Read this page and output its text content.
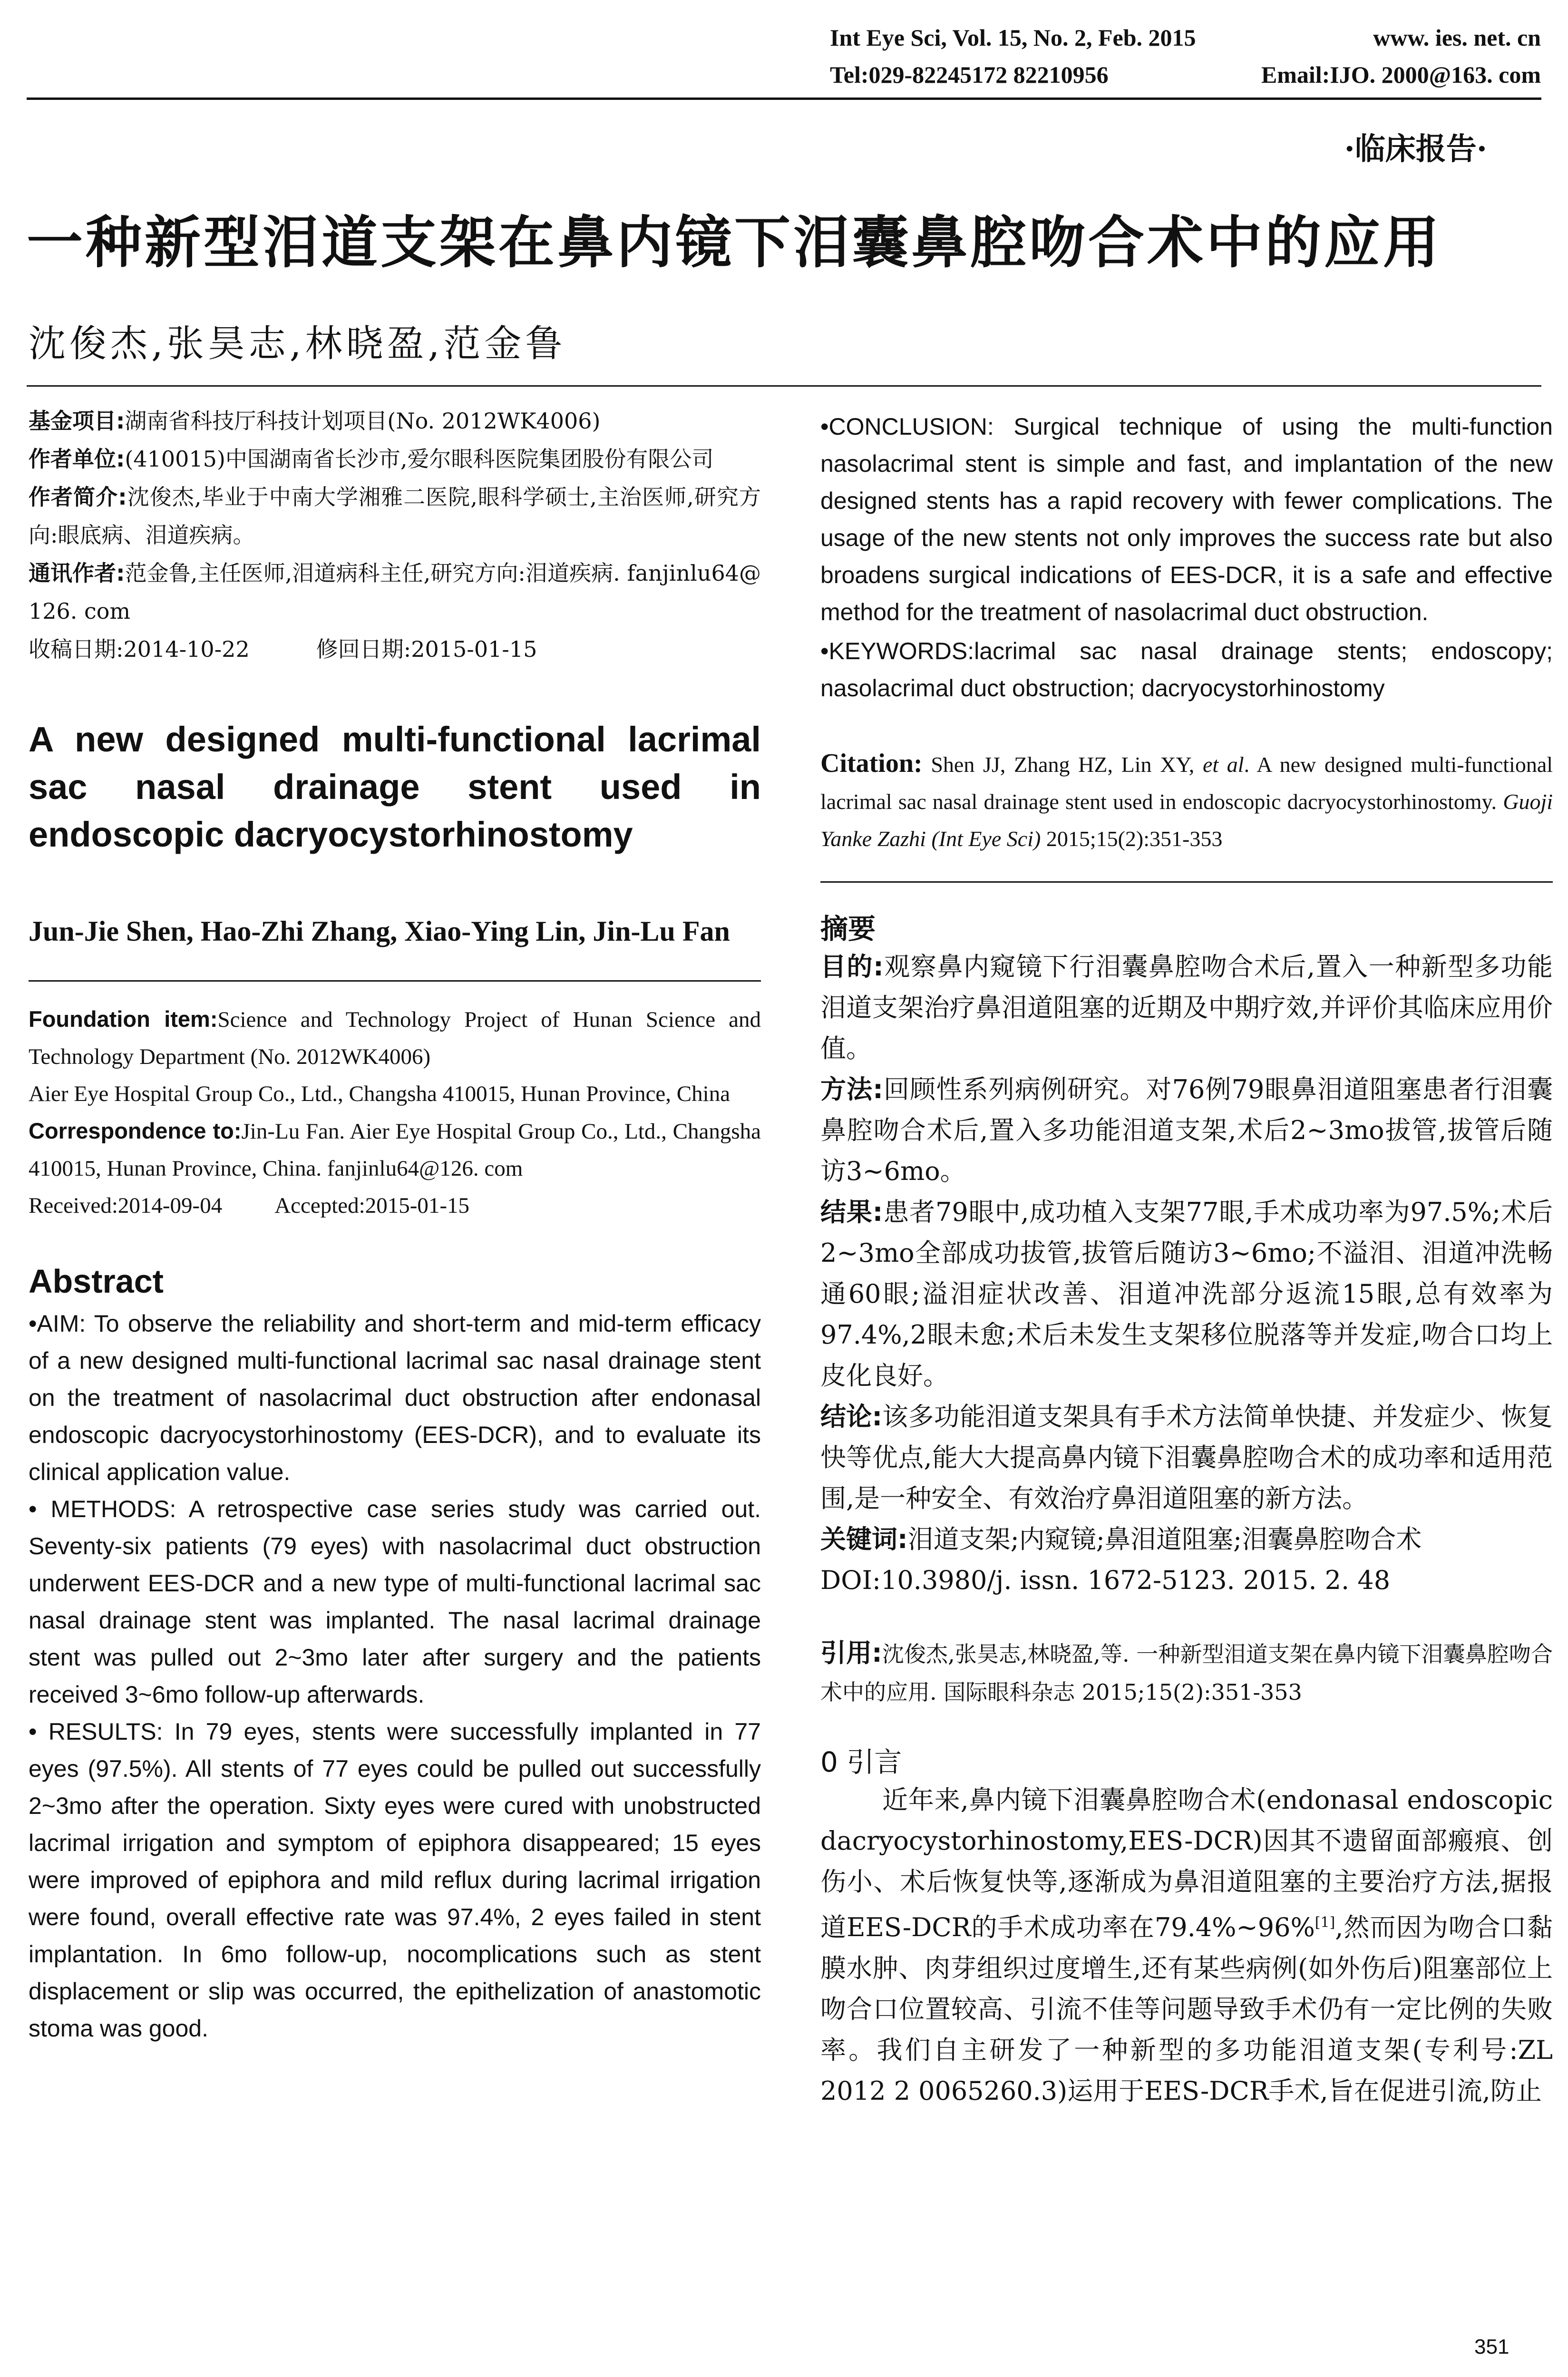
Int Eye Sci, Vol. 15, No. 2, Feb. 2015	www. ies. net. cn
Tel:029-82245172 82210956	Email:IJO. 2000@163. com
·临床报告·
一种新型泪道支架在鼻内镜下泪囊鼻腔吻合术中的应用
沈俊杰,张昊志,林晓盈,范金鲁
基金项目:湖南省科技厅科技计划项目(No. 2012WK4006)
作者单位:(410015)中国湖南省长沙市,爱尔眼科医院集团股份有限公司
作者简介:沈俊杰,毕业于中南大学湘雅二医院,眼科学硕士,主治医师,研究方向:眼底病、泪道疾病。
通讯作者:范金鲁,主任医师,泪道病科主任,研究方向:泪道疾病. fanjinlu64@ 126. com
收稿日期:2014-10-22	修回日期:2015-01-15
A new designed multi-functional lacrimal sac nasal drainage stent used in endoscopic dacryocystorhinostomy
Jun-Jie Shen, Hao-Zhi Zhang, Xiao-Ying Lin, Jin-Lu Fan
Foundation item:Science and Technology Project of Hunan Science and Technology Department (No. 2012WK4006)
Aier Eye Hospital Group Co., Ltd., Changsha 410015, Hunan Province, China
Correspondence to:Jin-Lu Fan. Aier Eye Hospital Group Co., Ltd., Changsha 410015, Hunan Province, China. fanjinlu64@126. com
Received:2014-09-04 Accepted:2015-01-15
Abstract

•AIM: To observe the reliability and short-term and mid-term efficacy of a new designed multi-functional lacrimal sac nasal drainage stent on the treatment of nasolacrimal duct obstruction after endonasal endoscopic dacryocystorhinostomy (EES-DCR), and to evaluate its clinical application value.

• METHODS: A retrospective case series study was carried out. Seventy-six patients (79 eyes) with nasolacrimal duct obstruction underwent EES-DCR and a new type of multi-functional lacrimal sac nasal drainage stent was implanted. The nasal lacrimal drainage stent was pulled out 2~3mo later after surgery and the patients received 3~6mo follow-up afterwards.

• RESULTS: In 79 eyes, stents were successfully implanted in 77 eyes (97.5%). All stents of 77 eyes could be pulled out successfully 2~3mo after the operation. Sixty eyes were cured with unobstructed lacrimal irrigation and symptom of epiphora disappeared; 15 eyes were improved of epiphora and mild reflux during lacrimal irrigation were found, overall effective rate was 97.4%, 2 eyes failed in stent implantation. In 6mo follow-up, nocomplications such as stent displacement or slip was occurred, the epithelization of anastomotic stoma was good.

•CONCLUSION: Surgical technique of using the multi-function nasolacrimal stent is simple and fast, and implantation of the new designed stents has a rapid recovery with fewer complications. The usage of the new stents not only improves the success rate but also broadens surgical indications of EES-DCR, it is a safe and effective method for the treatment of nasolacrimal duct obstruction.

•KEYWORDS:lacrimal sac nasal drainage stents; endoscopy; nasolacrimal duct obstruction; dacryocystorhinostomy

Citation: Shen JJ, Zhang HZ, Lin XY, et al. A new designed multi-functional lacrimal sac nasal drainage stent used in endoscopic dacryocystorhinostomy. Guoji Yanke Zazhi (Int Eye Sci) 2015;15(2):351-353
摘要

目的:观察鼻内窥镜下行泪囊鼻腔吻合术后,置入一种新型多功能泪道支架治疗鼻泪道阻塞的近期及中期疗效,并评价其临床应用价值。

方法:回顾性系列病例研究。对76例79眼鼻泪道阻塞患者行泪囊鼻腔吻合术后,置入多功能泪道支架,术后2~3mo拔管,拔管后随访3~6mo。

结果:患者79眼中,成功植入支架77眼,手术成功率为97.5%;术后2~3mo全部成功拔管,拔管后随访3~6mo;不溢泪、泪道冲洗畅通60眼;溢泪症状改善、泪道冲洗部分返流15眼,总有效率为97.4%,2眼未愈;术后未发生支架移位脱落等并发症,吻合口均上皮化良好。

结论:该多功能泪道支架具有手术方法简单快捷、并发症少、恢复快等优点,能大大提高鼻内镜下泪囊鼻腔吻合术的成功率和适用范围,是一种安全、有效治疗鼻泪道阻塞的新方法。

关键词:泪道支架;内窥镜;鼻泪道阻塞;泪囊鼻腔吻合术

DOI:10.3980/j. issn. 1672-5123. 2015. 2. 48

引用:沈俊杰,张昊志,林晓盈,等. 一种新型泪道支架在鼻内镜下泪囊鼻腔吻合术中的应用. 国际眼科杂志 2015;15(2):351-353
0 引言

近年来,鼻内镜下泪囊鼻腔吻合术(endonasal endoscopic dacryocystorhinostomy,EES-DCR)因其不遗留面部瘢痕、创伤小、术后恢复快等,逐渐成为鼻泪道阻塞的主要治疗方法,据报道EES-DCR的手术成功率在79.4%~96%[1],然而因为吻合口黏膜水肿、肉芽组织过度增生,还有某些病例(如外伤后)阻塞部位上吻合口位置较高、引流不佳等问题导致手术仍有一定比例的失败率。我们自主研发了一种新型的多功能泪道支架(专利号:ZL 2012 2 0065260.3)运用于EES-DCR手术,旨在促进引流,防止

351
